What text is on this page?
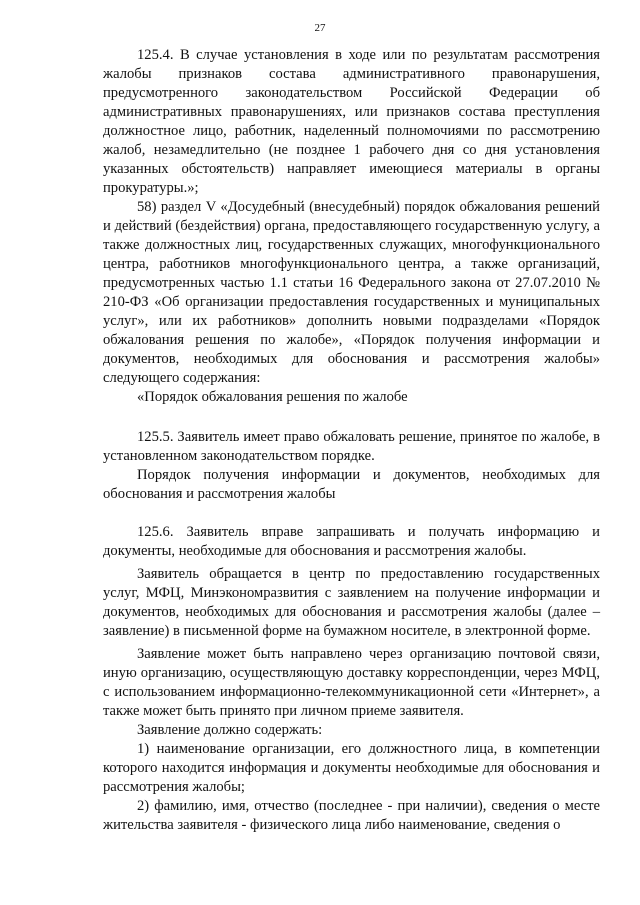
27

125.4. В случае установления в ходе или по результатам рассмотрения жалобы признаков состава административного правонарушения, предусмотренного законодательством Российской Федерации об административных правонарушениях, или признаков состава преступления должностное лицо, работник, наделенный полномочиями по рассмотрению жалоб, незамедлительно (не позднее 1 рабочего дня со дня установления указанных обстоятельств) направляет имеющиеся материалы в органы прокуратуры.»;

58) раздел V «Досудебный (внесудебный) порядок обжалования решений и действий (бездействия) органа, предоставляющего государственную услугу, а также должностных лиц, государственных служащих, многофункционального центра, работников многофункционального центра, а также организаций, предусмотренных частью 1.1 статьи 16 Федерального закона от 27.07.2010 № 210-ФЗ «Об организации предоставления государственных и муниципальных услуг», или их работников» дополнить новыми подразделами «Порядок обжалования решения по жалобе», «Порядок получения информации и документов, необходимых для обоснования и рассмотрения жалобы» следующего содержания:

«Порядок обжалования решения по жалобе

125.5. Заявитель имеет право обжаловать решение, принятое по жалобе, в установленном законодательством порядке.

Порядок получения информации и документов, необходимых для обоснования и рассмотрения жалобы

125.6. Заявитель вправе запрашивать и получать информацию и документы, необходимые для обоснования и рассмотрения жалобы.

Заявитель обращается в центр по предоставлению государственных услуг, МФЦ, Минэкономразвития с заявлением на получение информации и документов, необходимых для обоснования и рассмотрения жалобы (далее – заявление) в письменной форме на бумажном носителе, в электронной форме.

Заявление может быть направлено через организацию почтовой связи, иную организацию, осуществляющую доставку корреспонденции, через МФЦ, с использованием информационно-телекоммуникационной сети «Интернет», а также может быть принято при личном приеме заявителя.

Заявление должно содержать:

1) наименование организации, его должностного лица, в компетенции которого находится информация и документы необходимые для обоснования и рассмотрения жалобы;

2) фамилию, имя, отчество (последнее - при наличии), сведения о месте жительства заявителя - физического лица либо наименование, сведения о
